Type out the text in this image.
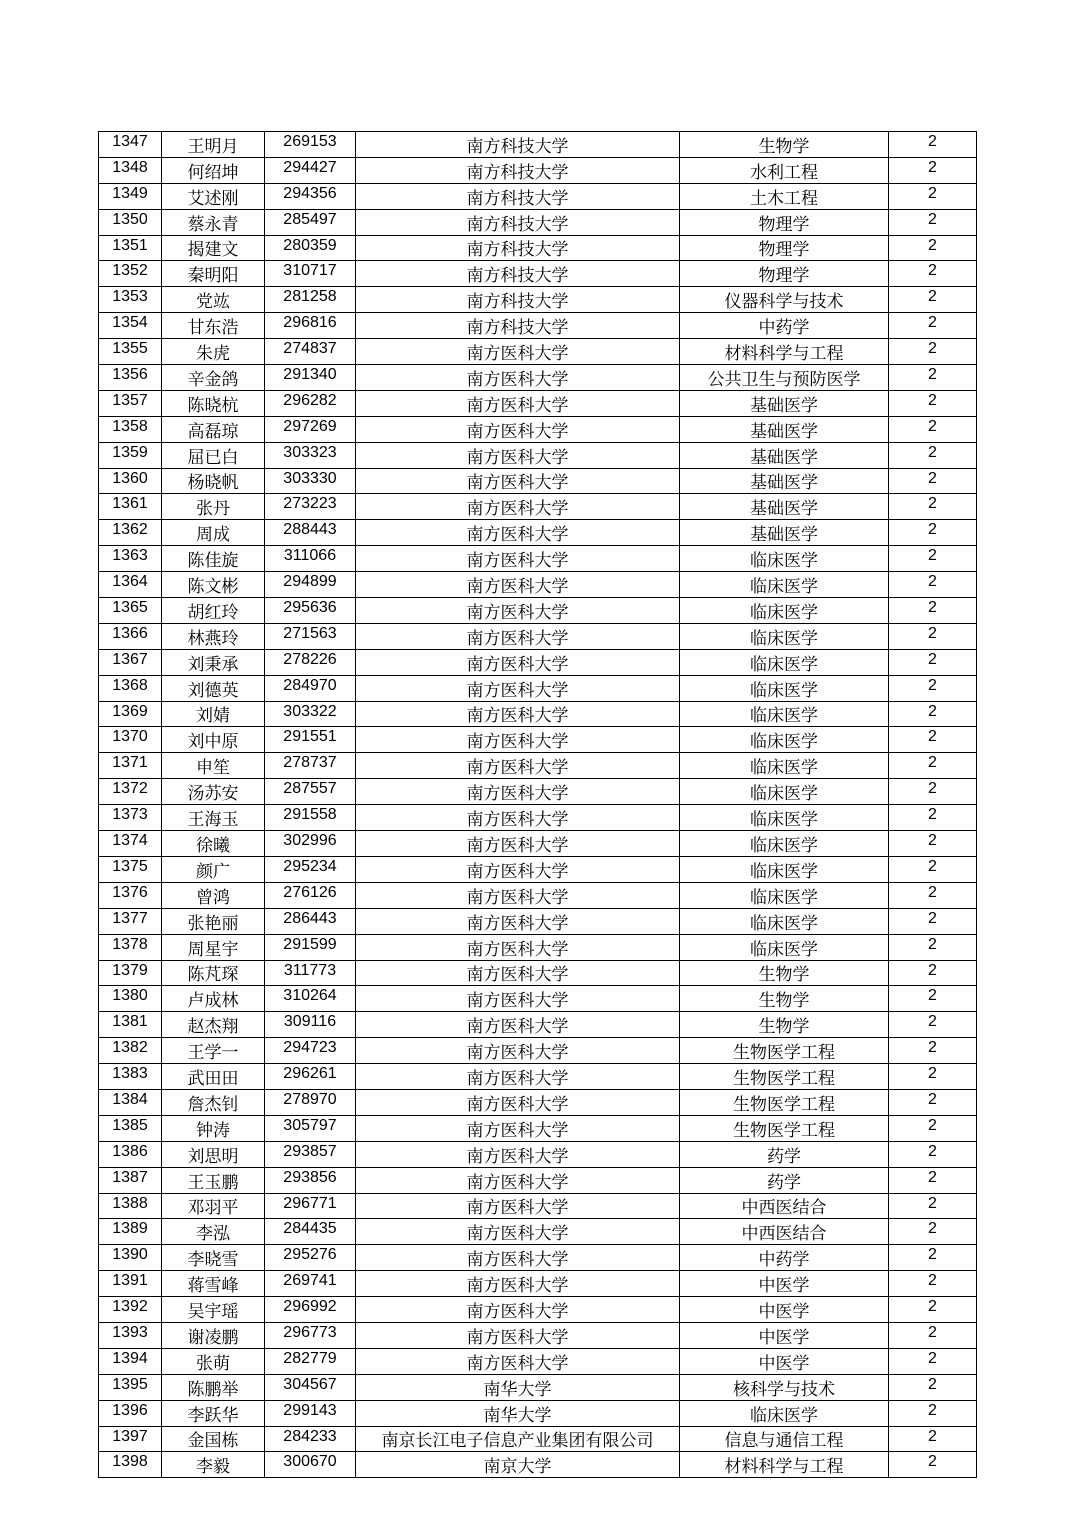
1347	王明月	269153	南方科技大学	生物学	2
1348	何绍坤	294427	南方科技大学	水利工程	2
1349	艾述刚	294356	南方科技大学	土木工程	2
1350	蔡永青	285497	南方科技大学	物理学	2
1351	揭建文	280359	南方科技大学	物理学	2
1352	秦明阳	310717	南方科技大学	物理学	2
1353	党竑	281258	南方科技大学	仪器科学与技术	2
1354	甘东浩	296816	南方科技大学	中药学	2
1355	朱虎	274837	南方医科大学	材料科学与工程	2
1356	辛金鸽	291340	南方医科大学	公共卫生与预防医学	2
1357	陈晓杭	296282	南方医科大学	基础医学	2
1358	高磊琼	297269	南方医科大学	基础医学	2
1359	屈已白	303323	南方医科大学	基础医学	2
1360	杨晓帆	303330	南方医科大学	基础医学	2
1361	张丹	273223	南方医科大学	基础医学	2
1362	周成	288443	南方医科大学	基础医学	2
1363	陈佳旋	311066	南方医科大学	临床医学	2
1364	陈文彬	294899	南方医科大学	临床医学	2
1365	胡红玲	295636	南方医科大学	临床医学	2
1366	林燕玲	271563	南方医科大学	临床医学	2
1367	刘秉承	278226	南方医科大学	临床医学	2
1368	刘德英	284970	南方医科大学	临床医学	2
1369	刘婧	303322	南方医科大学	临床医学	2
1370	刘中原	291551	南方医科大学	临床医学	2
1371	申笙	278737	南方医科大学	临床医学	2
1372	汤苏安	287557	南方医科大学	临床医学	2
1373	王海玉	291558	南方医科大学	临床医学	2
1374	徐曦	302996	南方医科大学	临床医学	2
1375	颜广	295234	南方医科大学	临床医学	2
1376	曾鸿	276126	南方医科大学	临床医学	2
1377	张艳丽	286443	南方医科大学	临床医学	2
1378	周星宇	291599	南方医科大学	临床医学	2
1379	陈芃琛	311773	南方医科大学	生物学	2
1380	卢成林	310264	南方医科大学	生物学	2
1381	赵杰翔	309116	南方医科大学	生物学	2
1382	王学一	294723	南方医科大学	生物医学工程	2
1383	武田田	296261	南方医科大学	生物医学工程	2
1384	詹杰钊	278970	南方医科大学	生物医学工程	2
1385	钟涛	305797	南方医科大学	生物医学工程	2
1386	刘思明	293857	南方医科大学	药学	2
1387	王玉鹏	293856	南方医科大学	药学	2
1388	邓羽平	296771	南方医科大学	中西医结合	2
1389	李泓	284435	南方医科大学	中西医结合	2
1390	李晓雪	295276	南方医科大学	中药学	2
1391	蒋雪峰	269741	南方医科大学	中医学	2
1392	吴宇瑶	296992	南方医科大学	中医学	2
1393	谢凌鹏	296773	南方医科大学	中医学	2
1394	张萌	282779	南方医科大学	中医学	2
1395	陈鹏举	304567	南华大学	核科学与技术	2
1396	李跃华	299143	南华大学	临床医学	2
1397	金国栋	284233	南京长江电子信息产业集团有限公司	信息与通信工程	2
1398	李毅	300670	南京大学	材料科学与工程	2
